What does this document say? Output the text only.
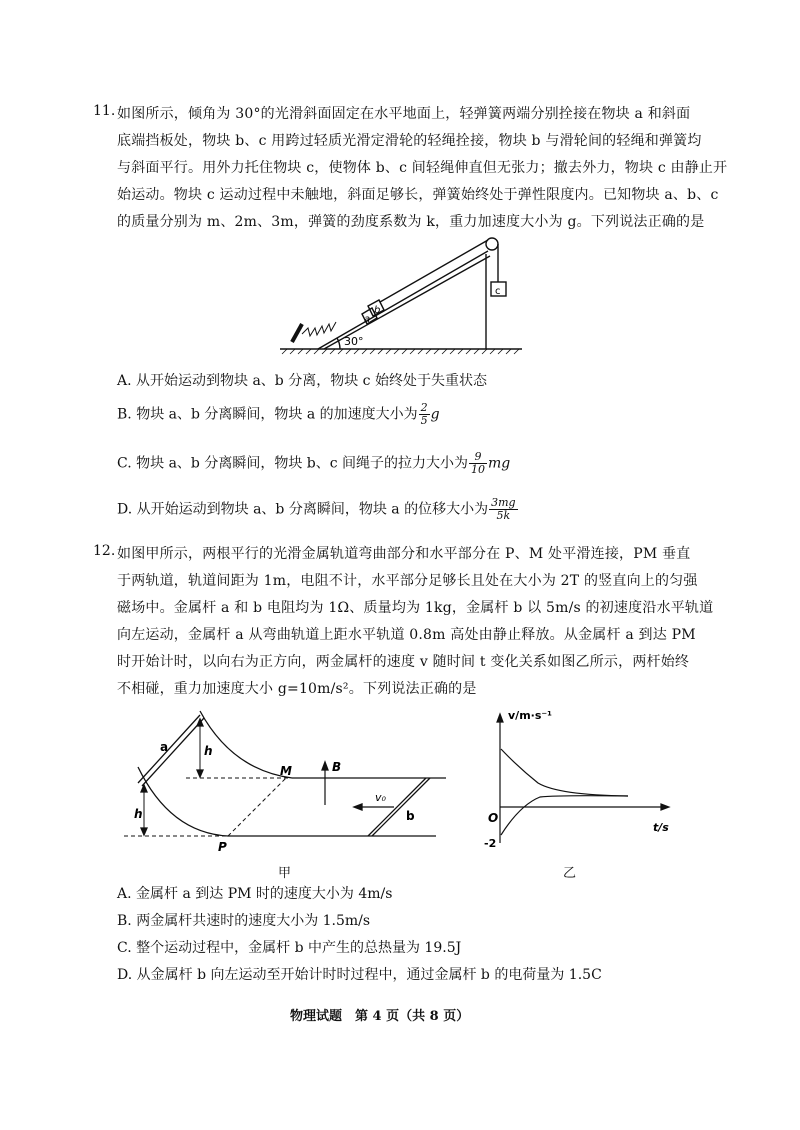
11. 如图所示，倾角为 30°的光滑斜面固定在水平地面上，轻弹簧两端分别拴接在物块 a 和斜面
底端挡板处，物块 b、c 用跨过轻质光滑定滑轮的轻绳拴接，物块 b 与滑轮间的轻绳和弹簧均
与斜面平行。用外力托住物块 c，使物体 b、c 间轻绳伸直但无张力；撤去外力，物块 c 由静止开
始运动。物块 c 运动过程中未触地，斜面足够长，弹簧始终处于弹性限度内。已知物块 a、b、c
的质量分别为 m、2m、3m，弹簧的劲度系数为 k，重力加速度大小为 g。下列说法正确的是
a
b
c
30°
A. 从开始运动到物块 a、b 分离，物块 c 始终处于失重状态
B. 物块 a、b 分离瞬间，物块 a 的加速度大小为 $\frac{2}{5}$ g
C. 物块 a、b 分离瞬间，物块 b、c 间绳子的拉力大小为 $\frac{9}{10}$ mg
D. 从开始运动到物块 a、b 分离瞬间，物块 a 的位移大小为 $\frac{3mg}{5k}$
12. 如图甲所示，两根平行的光滑金属轨道弯曲部分和水平部分在 P、M 处平滑连接，PM 垂直
于两轨道，轨道间距为 1m，电阻不计，水平部分足够长且处在大小为 2T 的竖直向上的匀强
磁场中。金属杆 a 和 b 电阻均为 1Ω、质量均为 1kg，金属杆 b 以 5m/s 的初速度沿水平轨道
向左运动，金属杆 a 从弯曲轨道上距水平轨道 0.8m 高处由静止释放。从金属杆 a 到达 PM
时开始计时，以向右为正方向，两金属杆的速度 v 随时间 t 变化关系如图乙所示，两杆始终
不相碰，重力加速度大小 g=10m/s²。下列说法正确的是
a
b
h
h
M
P
B
v₀
甲
v/m·s⁻¹
t/s
O
-2
乙
A. 金属杆 a 到达 PM 时的速度大小为 4m/s
B. 两金属杆共速时的速度大小为 1.5m/s
C. 整个运动过程中，金属杆 b 中产生的总热量为 19.5J
D. 从金属杆 b 向左运动至开始计时时过程中，通过金属杆 b 的电荷量为 1.5C
物理试题　第 4 页（共 8 页）
